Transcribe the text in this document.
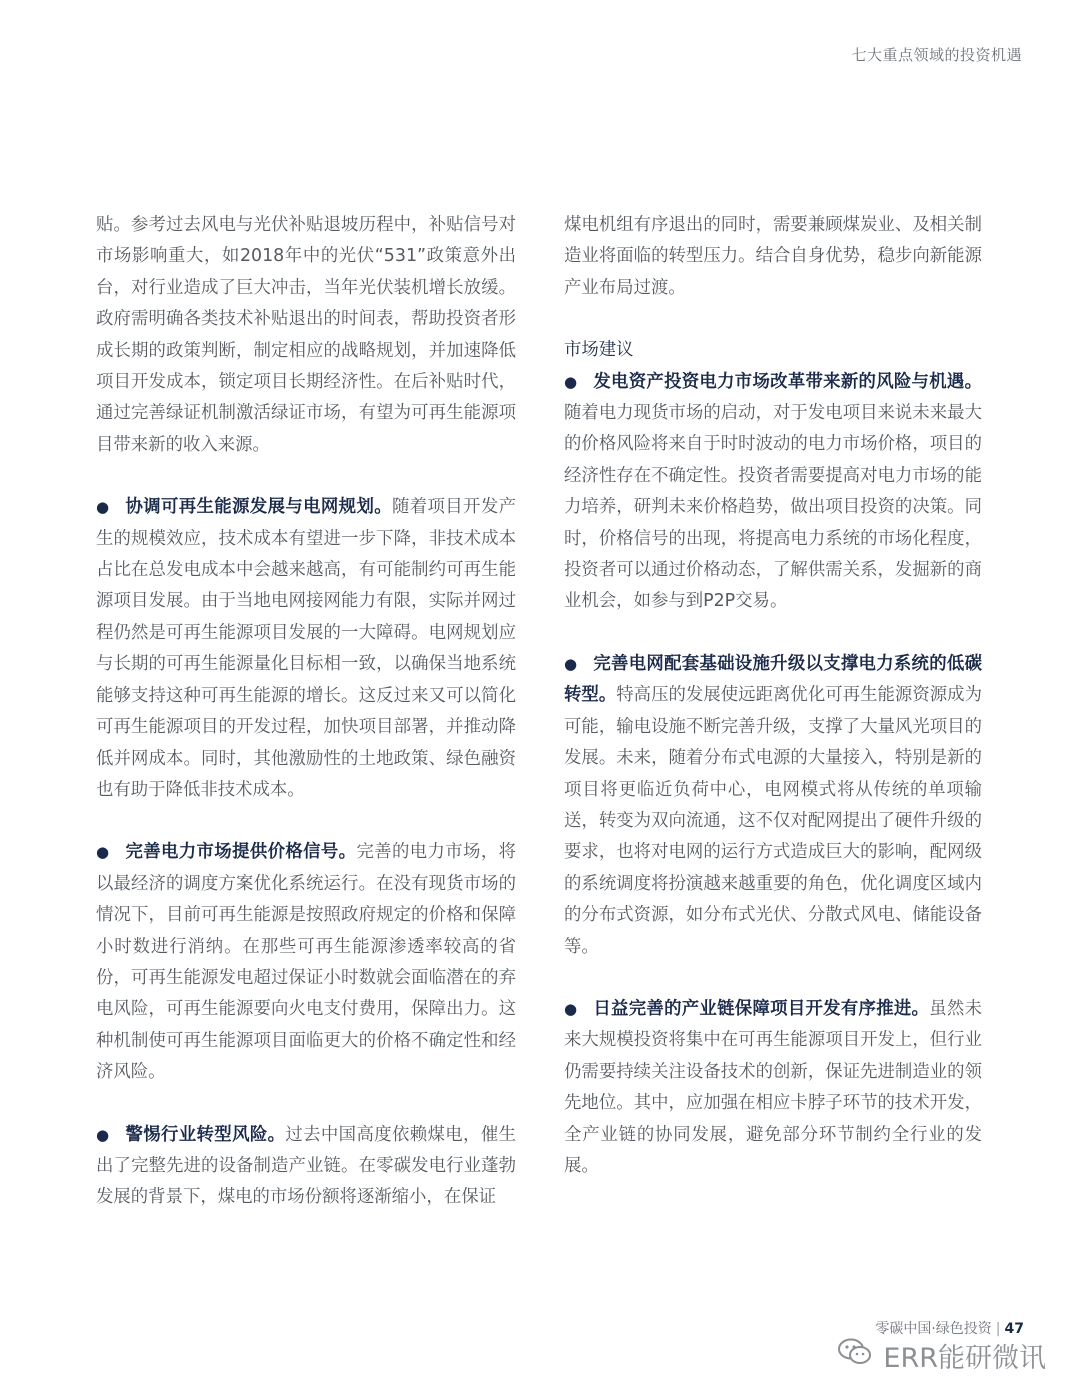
七大重点领域的投资机遇

贴。参考过去风电与光伏补贴退坡历程中，补贴信号对市场影响重大，如2018年中的光伏“531”政策意外出台，对行业造成了巨大冲击，当年光伏装机增长放缓。政府需明确各类技术补贴退出的时间表，帮助投资者形成长期的政策判断，制定相应的战略规划，并加速降低项目开发成本，锁定项目长期经济性。在后补贴时代，通过完善绿证机制激活绿证市场，有望为可再生能源项目带来新的收入来源。

● 协调可再生能源发展与电网规划。随着项目开发产生的规模效应，技术成本有望进一步下降，非技术成本占比在总发电成本中会越来越高，有可能制约可再生能源项目发展。由于当地电网接网能力有限，实际并网过程仍然是可再生能源项目发展的一大障碍。电网规划应与长期的可再生能源量化目标相一致，以确保当地系统能够支持这种可再生能源的增长。这反过来又可以简化可再生能源项目的开发过程，加快项目部署，并推动降低并网成本。同时，其他激励性的土地政策、绿色融资也有助于降低非技术成本。

● 完善电力市场提供价格信号。完善的电力市场，将以最经济的调度方案优化系统运行。在没有现货市场的情况下，目前可再生能源是按照政府规定的价格和保障小时数进行消纳。在那些可再生能源渗透率较高的省份，可再生能源发电超过保证小时数就会面临潜在的弃电风险，可再生能源要向火电支付费用，保障出力。这种机制使可再生能源项目面临更大的价格不确定性和经济风险。

● 警惕行业转型风险。过去中国高度依赖煤电，催生出了完整先进的设备制造产业链。在零碳发电行业蓬勃发展的背景下，煤电的市场份额将逐渐缩小，在保证

煤电机组有序退出的同时，需要兼顾煤炭业、及相关制造业将面临的转型压力。结合自身优势，稳步向新能源产业布局过渡。

市场建议

● 发电资产投资电力市场改革带来新的风险与机遇。随着电力现货市场的启动，对于发电项目来说未来最大的价格风险将来自于时时波动的电力市场价格，项目的经济性存在不确定性。投资者需要提高对电力市场的能力培养，研判未来价格趋势，做出项目投资的决策。同时，价格信号的出现，将提高电力系统的市场化程度，投资者可以通过价格动态，了解供需关系，发掘新的商业机会，如参与到P2P交易。

● 完善电网配套基础设施升级以支撑电力系统的低碳转型。特高压的发展使远距离优化可再生能源资源成为可能，输电设施不断完善升级，支撑了大量风光项目的发展。未来，随着分布式电源的大量接入，特别是新的项目将更临近负荷中心，电网模式将从传统的单项输送，转变为双向流通，这不仅对配网提出了硬件升级的要求，也将对电网的运行方式造成巨大的影响，配网级的系统调度将扮演越来越重要的角色，优化调度区域内的分布式资源，如分布式光伏、分散式风电、储能设备等。

● 日益完善的产业链保障项目开发有序推进。虽然未来大规模投资将集中在可再生能源项目开发上，但行业仍需要持续关注设备技术的创新，保证先进制造业的领先地位。其中，应加强在相应卡脖子环节的技术开发，全产业链的协同发展，避免部分环节制约全行业的发展。

零碳中国·绿色投资 | 47
ERR能研微讯
